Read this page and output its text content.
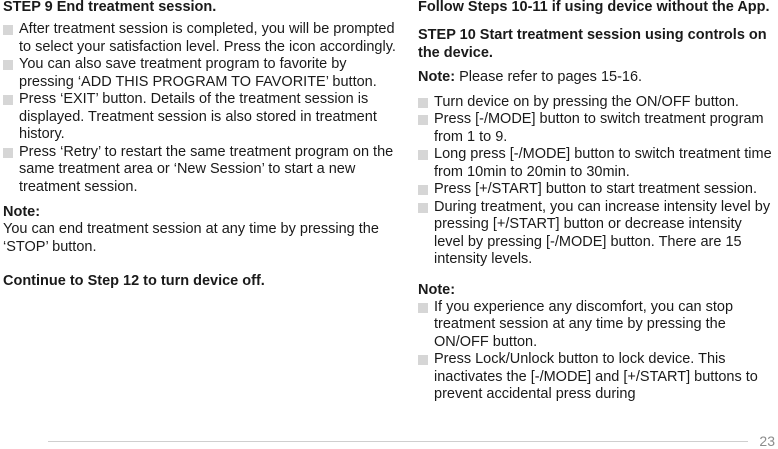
STEP 9 End treatment session.

After treatment session is completed, you will be prompted to select your satisfaction level. Press the icon accordingly.
You can also save treatment program to favorite by pressing ‘ADD THIS PROGRAM TO FAVORITE’ button.
Press ‘EXIT’ button. Details of the treatment session is displayed. Treatment session is also stored in treatment history.
Press ‘Retry’ to restart the same treatment program on the same treatment area or ‘New Session’ to start a new treatment session.

Note:

You can end treatment session at any time by pressing the ‘STOP’ button.

Continue to Step 12 to turn device off.

Follow Steps 10-11 if using device without the App.

STEP 10 Start treatment session using controls on the device.

Note: Please refer to pages 15-16.

Turn device on by pressing the ON/OFF button.
Press [-/MODE] button to switch treatment program from 1 to 9.
Long press [-/MODE] button to switch treatment time from 10min to 20min to 30min.
Press [+/START] button to start treatment session.
During treatment, you can increase intensity level by pressing [+/START] button or decrease intensity level by pressing [-/MODE] button. There are 15 intensity levels.

Note:

If you experience any discomfort, you can stop treatment session at any time by pressing the ON/OFF button.
Press Lock/Unlock button to lock device. This inactivates the [-/MODE] and [+/START] buttons to prevent accidental press during
23
